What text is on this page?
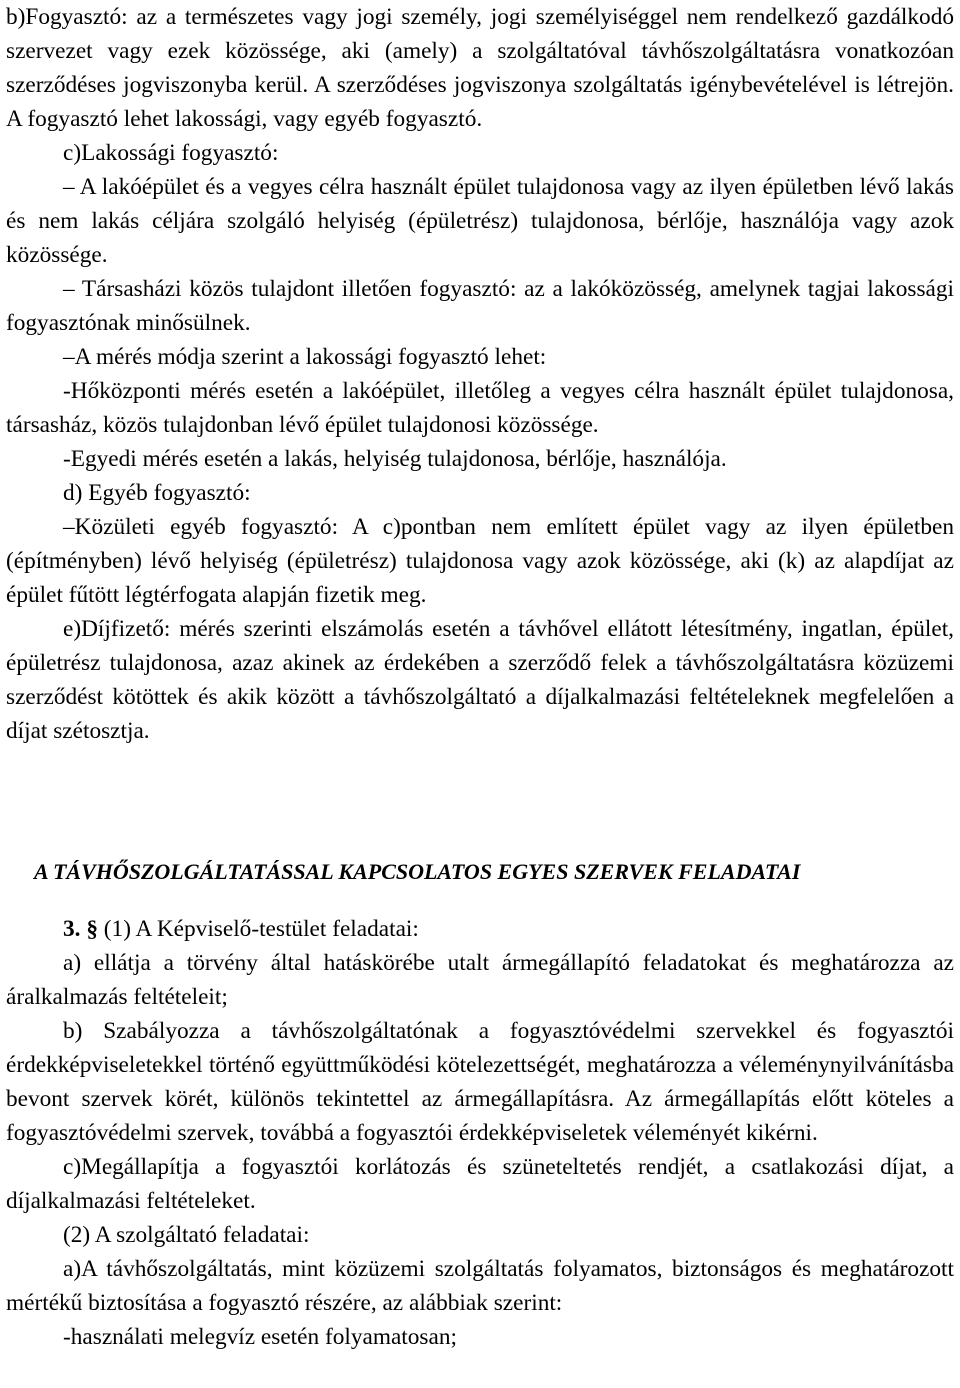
b)Fogyasztó: az a természetes vagy jogi személy, jogi személyiséggel nem rendelkező gazdálkodó szervezet vagy ezek közössége, aki (amely) a szolgáltatóval távhőszolgáltatásra vonatkozóan szerződéses jogviszonyba kerül. A szerződéses jogviszonya szolgáltatás igénybevételével is létrejön. A fogyasztó lehet lakossági, vagy egyéb fogyasztó.

c)Lakossági fogyasztó:

– A lakóépület és a vegyes célra használt épület tulajdonosa vagy az ilyen épületben lévő lakás és nem lakás céljára szolgáló helyiség (épületrész) tulajdonosa, bérlője, használója vagy azok közössége.

– Társasházi közös tulajdont illetően fogyasztó: az a lakóközösség, amelynek tagjai lakossági fogyasztónak minősülnek.

–A mérés módja szerint a lakossági fogyasztó lehet:

-Hőközponti mérés esetén a lakóépület, illetőleg a vegyes célra használt épület tulajdonosa, társasház, közös tulajdonban lévő épület tulajdonosi közössége.

-Egyedi mérés esetén a lakás, helyiség tulajdonosa, bérlője, használója.

d) Egyéb fogyasztó:

–Közületi egyéb fogyasztó: A c)pontban nem említett épület vagy az ilyen épületben (építményben) lévő helyiség (épületrész) tulajdonosa vagy azok közössége, aki (k) az alapdíjat az épület fűtött légtérfogata alapján fizetik meg.

e)Díjfizető: mérés szerinti elszámolás esetén a távhővel ellátott létesítmény, ingatlan, épület, épületrész tulajdonosa, azaz akinek az érdekében a szerződő felek a távhőszolgáltatásra közüzemi szerződést kötöttek és akik között a távhőszolgáltató a díjalkalmazási feltételeknek megfelelően a díjat szétosztja.

A TÁVHŐSZOLGÁLTATÁSSAL KAPCSOLATOS EGYES SZERVEK FELADATAI

3. § (1) A Képviselő-testület feladatai:

a) ellátja a törvény által hatáskörébe utalt ármegállapító feladatokat és meghatározza az áralkalmazás feltételeit;

b) Szabályozza a távhőszolgáltatónak a fogyasztóvédelmi szervekkel és fogyasztói érdekképviseletekkel történő együttműködési kötelezettségét, meghatározza a véleménynyilvánításba bevont szervek körét, különös tekintettel az ármegállapításra. Az ármegállapítás előtt köteles a fogyasztóvédelmi szervek, továbbá a fogyasztói érdekképviseletek véleményét kikérni.

c)Megállapítja a fogyasztói korlátozás és szüneteltetés rendjét, a csatlakozási díjat, a díjalkalmazási feltételeket.

(2) A szolgáltató feladatai:

a)A távhőszolgáltatás, mint közüzemi szolgáltatás folyamatos, biztonságos és meghatározott mértékű biztosítása a fogyasztó részére, az alábbiak szerint:

-használati melegvíz esetén folyamatosan;
